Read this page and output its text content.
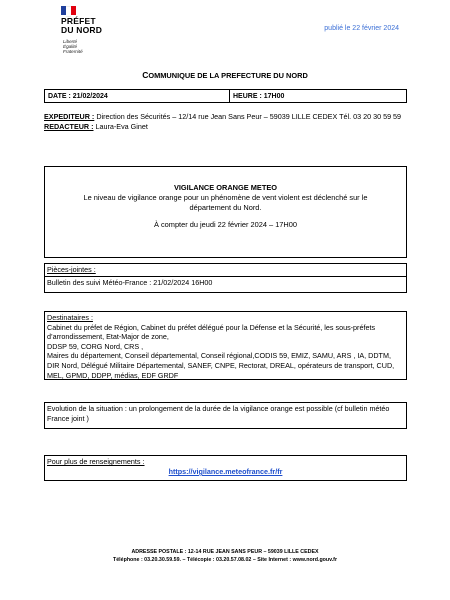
PRÉFET
DU NORD
Liberté
Égalité
Fraternité
publié le 22 février 2024
COMMUNIQUE DE LA PREFECTURE DU NORD
DATE : 21/02/2024	HEURE : 17H00
EXPEDITEUR : Direction des Sécurités – 12/14 rue Jean Sans Peur – 59039 LILLE CEDEX Tél. 03 20 30 59 59
REDACTEUR : Laura-Eva Ginet
VIGILANCE ORANGE METEO
Le niveau de vigilance orange pour un phénomène de vent violent est déclenché sur le
département du Nord.
À compter du jeudi 22 février 2024 – 17H00
Pièces-jointes :
Bulletin des suivi Météo-France : 21/02/2024 16H00
Destinataires :
Cabinet du préfet de Région, Cabinet du préfet délégué pour la Défense et la Sécurité, les sous-préfets d’arrondissement, Etat-Major de zone,
DDSP 59, CORG Nord, CRS ,
Maires du département, Conseil départemental, Conseil régional,CODIS 59, EMIZ, SAMU, ARS , IA, DDTM, DIR Nord, Délégué Militaire Départemental, SANEF, CNPE, Rectorat, DREAL, opérateurs de transport, CUD, MEL, GPMD, DDPP, médias, EDF GRDF
Evolution de la situation : un prolongement de la durée de la vigilance orange est possible (cf bulletin météo France joint )
Pour plus de renseignements :
https://vigilance.meteofrance.fr/fr
ADRESSE POSTALE : 12-14 RUE JEAN SANS PEUR – 59039 LILLE CEDEX
Téléphone : 03.20.30.59.59. – Télécopie : 03.20.57.08.02 – Site Internet : www.nord.gouv.fr
